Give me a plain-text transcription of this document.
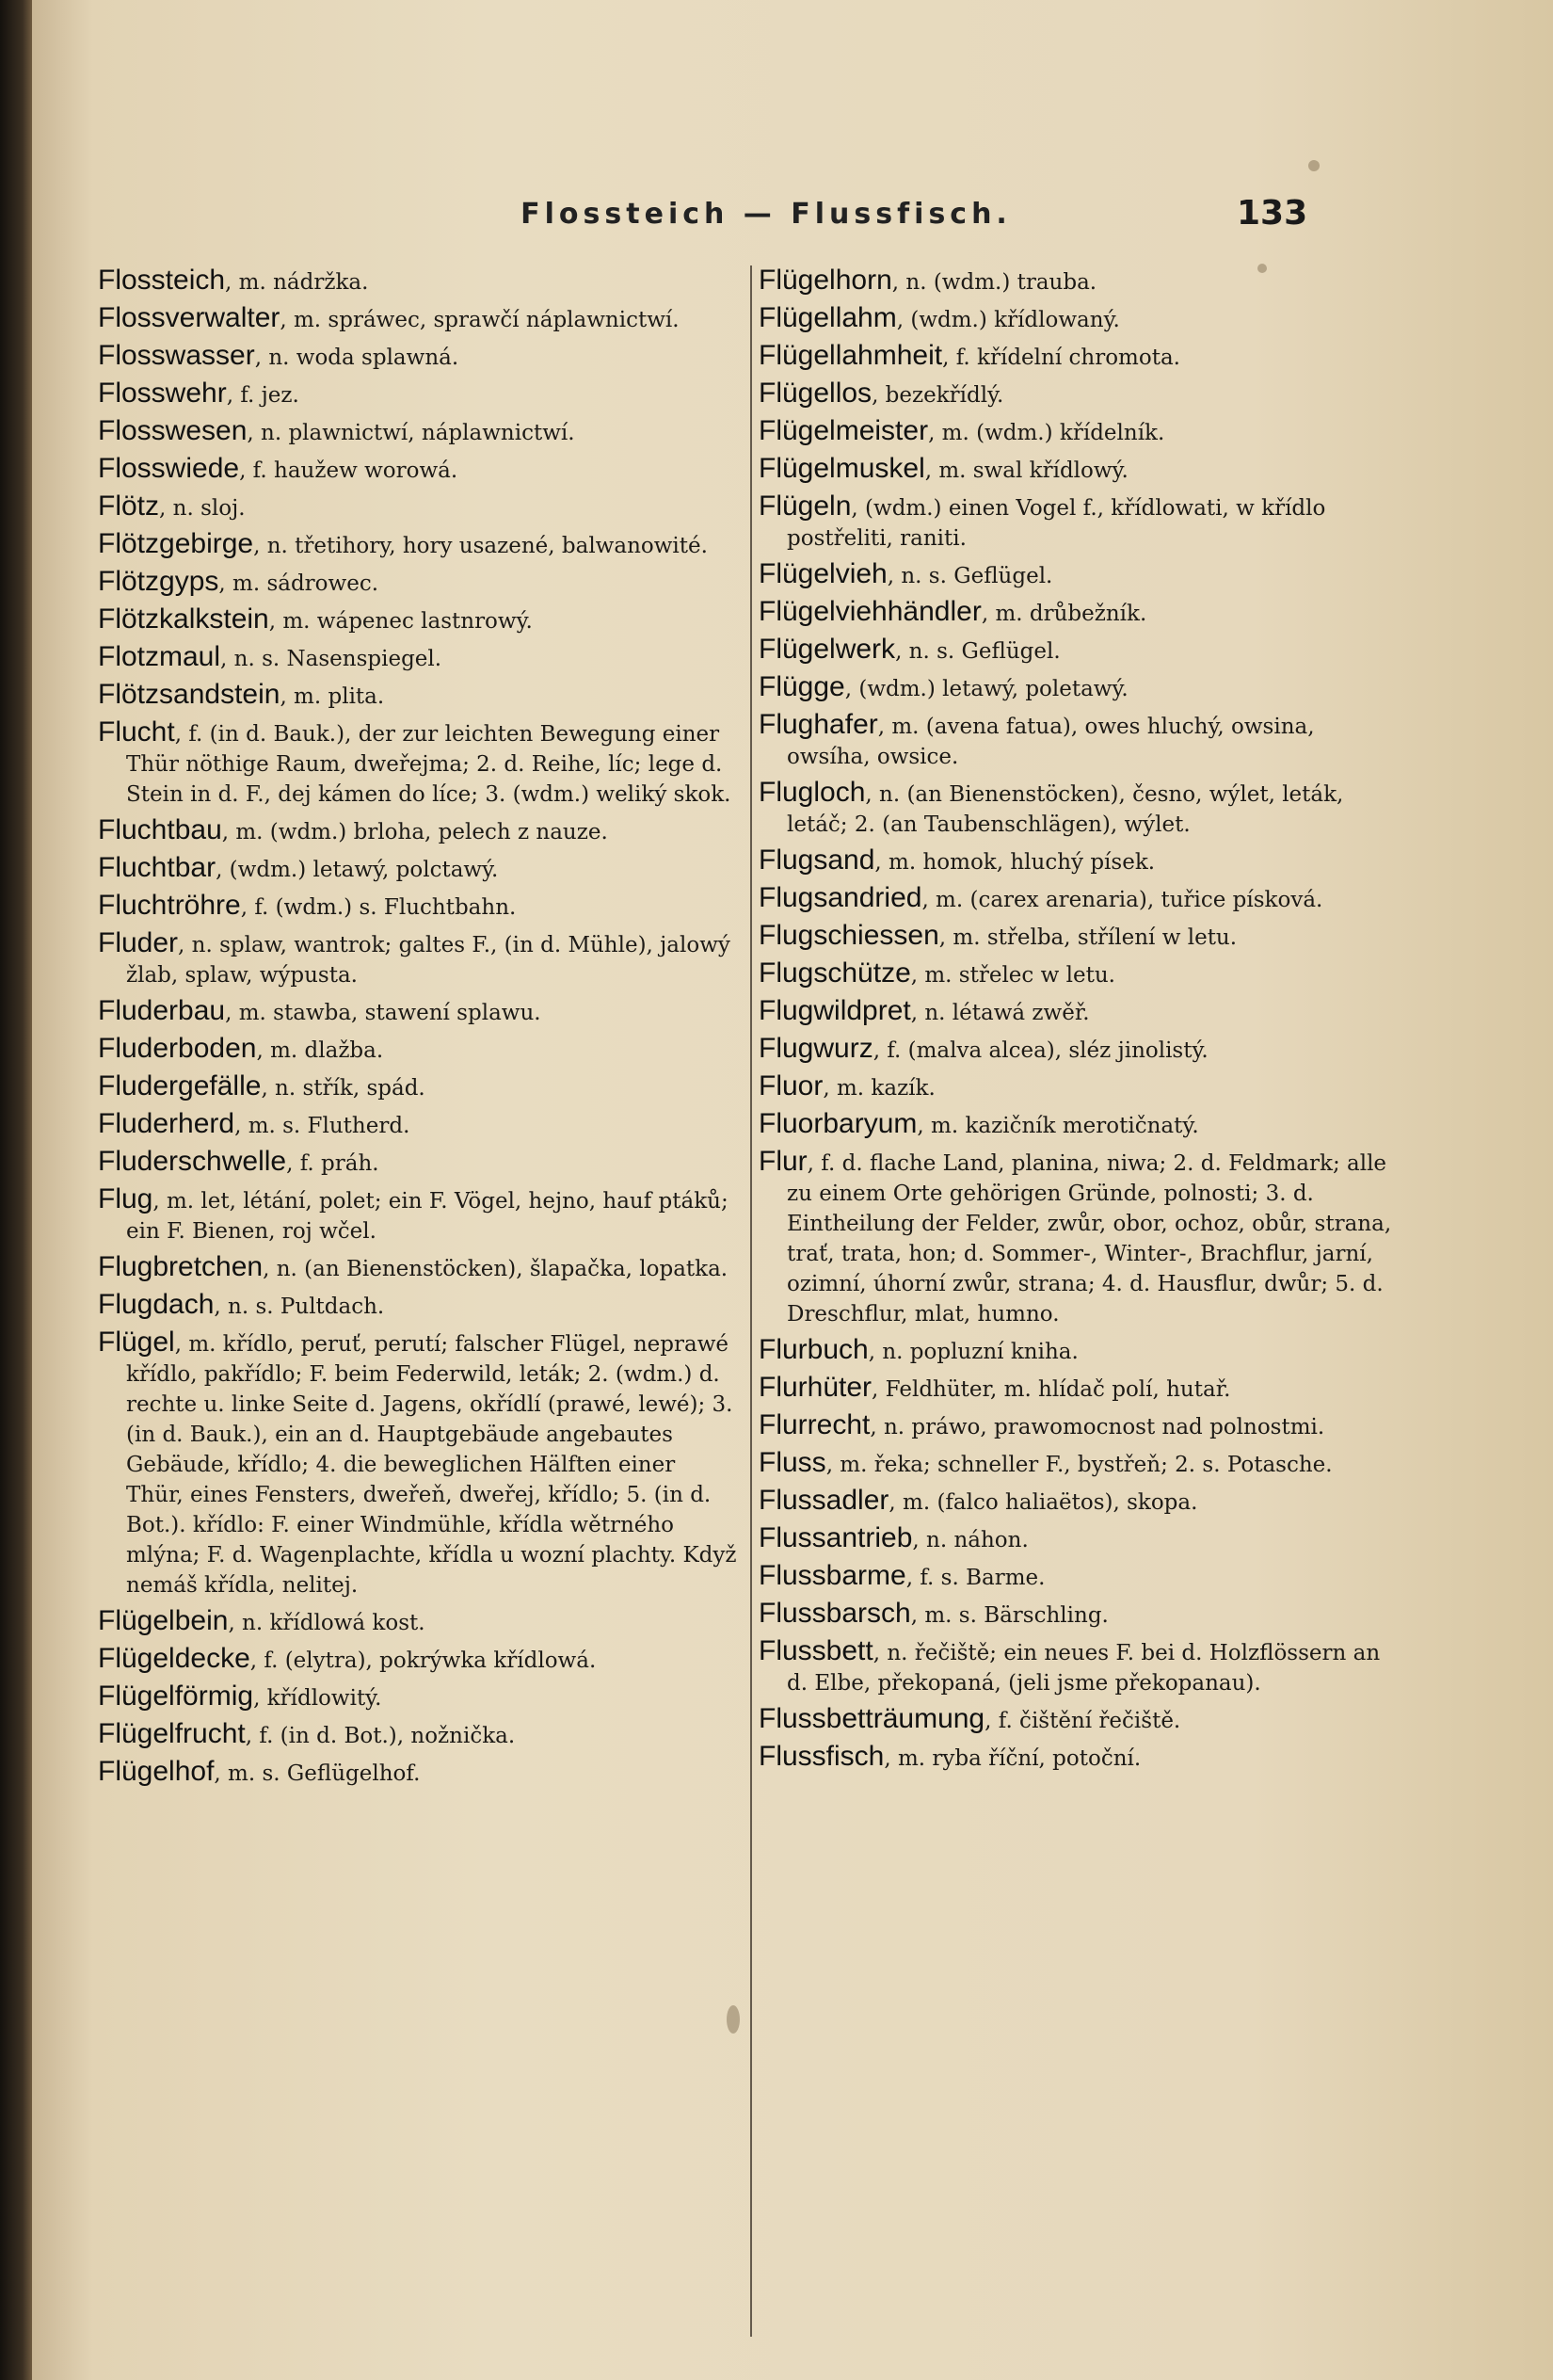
Flossteich — Flussfisch.	133

Flossteich, m. nádržka.

Flossverwalter, m. spráwec, sprawčí náplawnictwí.

Flosswasser, n. woda splawná.

Flosswehr, f. jez.

Flosswesen, n. plawnictwí, náplawnictwí.

Flosswiede, f. haužew worowá.

Flötz, n. sloj.

Flötzgebirge, n. třetihory, hory usazené, balwanowité.

Flötzgyps, m. sádrowec.

Flötzkalkstein, m. wápenec lastnrowý.

Flotzmaul, n. s. Nasenspiegel.

Flötzsandstein, m. plita.

Flucht, f. (in d. Bauk.), der zur leichten Bewegung einer Thür nöthige Raum, dweřejma; 2. d. Reihe, líc; lege d. Stein in d. F., dej kámen do líce; 3. (wdm.) weliký skok.

Fluchtbau, m. (wdm.) brloha, pelech z nauze.

Fluchtbar, (wdm.) letawý, polctawý.

Fluchtröhre, f. (wdm.) s. Fluchtbahn.

Fluder, n. splaw, wantrok; galtes F., (in d. Mühle), jalowý žlab, splaw, wýpusta.

Fluderbau, m. stawba, stawení splawu.

Fluderboden, m. dlažba.

Fludergefälle, n. střík, spád.

Fluderherd, m. s. Flutherd.

Fluderschwelle, f. práh.

Flug, m. let, létání, polet; ein F. Vögel, hejno, hauf ptáků; ein F. Bienen, roj wčel.

Flugbretchen, n. (an Bienenstöcken), šlapačka, lopatka.

Flugdach, n. s. Pultdach.

Flügel, m. křídlo, peruť, perutí; falscher Flügel, neprawé křídlo, pakřídlo; F. beim Federwild, leták; 2. (wdm.) d. rechte u. linke Seite d. Jagens, okřídlí (prawé, lewé); 3. (in d. Bauk.), ein an d. Hauptgebäude angebautes Gebäude, křídlo; 4. die beweglichen Hälften einer Thür, eines Fensters, dweřeň, dweřej, křídlo; 5. (in d. Bot.). křídlo: F. einer Windmühle, křídla wětrného mlýna; F. d. Wagenplachte, křídla u wozní plachty. Když nemáš křídla, nelitej.

Flügelbein, n. křídlowá kost.

Flügeldecke, f. (elytra), pokrýwka křídlowá.

Flügelförmig, křídlowitý.

Flügelfrucht, f. (in d. Bot.), nožnička.

Flügelhof, m. s. Geflügelhof.

Flügelhorn, n. (wdm.) trauba.

Flügellahm, (wdm.) křídlowaný.

Flügellahmheit, f. křídelní chromota.

Flügellos, bezekřídlý.

Flügelmeister, m. (wdm.) křídelník.

Flügelmuskel, m. swal křídlowý.

Flügeln, (wdm.) einen Vogel f., křídlowati, w křídlo postřeliti, raniti.

Flügelvieh, n. s. Geflügel.

Flügelviehhändler, m. drůbežník.

Flügelwerk, n. s. Geflügel.

Flügge, (wdm.) letawý, poletawý.

Flughafer, m. (avena fatua), owes hluchý, owsina, owsíha, owsice.

Flugloch, n. (an Bienenstöcken), česno, wýlet, leták, letáč; 2. (an Taubenschlägen), wýlet.

Flugsand, m. homok, hluchý písek.

Flugsandried, m. (carex arenaria), tuřice písková.

Flugschiessen, m. střelba, střílení w letu.

Flugschütze, m. střelec w letu.

Flugwildpret, n. létawá zwěř.

Flugwurz, f. (malva alcea), sléz jinolistý.

Fluor, m. kazík.

Fluorbaryum, m. kazičník merotičnatý.

Flur, f. d. flache Land, planina, niwa; 2. d. Feldmark; alle zu einem Orte gehörigen Gründe, polnosti; 3. d. Eintheilung der Felder, zwůr, obor, ochoz, obůr, strana, trať, trata, hon; d. Sommer-, Winter-, Brachflur, jarní, ozimní, úhorní zwůr, strana; 4. d. Hausflur, dwůr; 5. d. Dreschflur, mlat, humno.

Flurbuch, n. popluzní kniha.

Flurhüter, Feldhüter, m. hlídač polí, hutař.

Flurrecht, n. práwo, prawomocnost nad polnostmi.

Fluss, m. řeka; schneller F., bystřeň; 2. s. Potasche.

Flussadler, m. (falco haliaëtos), skopa.

Flussantrieb, n. náhon.

Flussbarme, f. s. Barme.

Flussbarsch, m. s. Bärschling.

Flussbett, n. řečiště; ein neues F. bei d. Holzflössern an d. Elbe, překopaná, (jeli jsme překopanau).

Flussbetträumung, f. čištění řečiště.

Flussfisch, m. ryba říční, potoční.
